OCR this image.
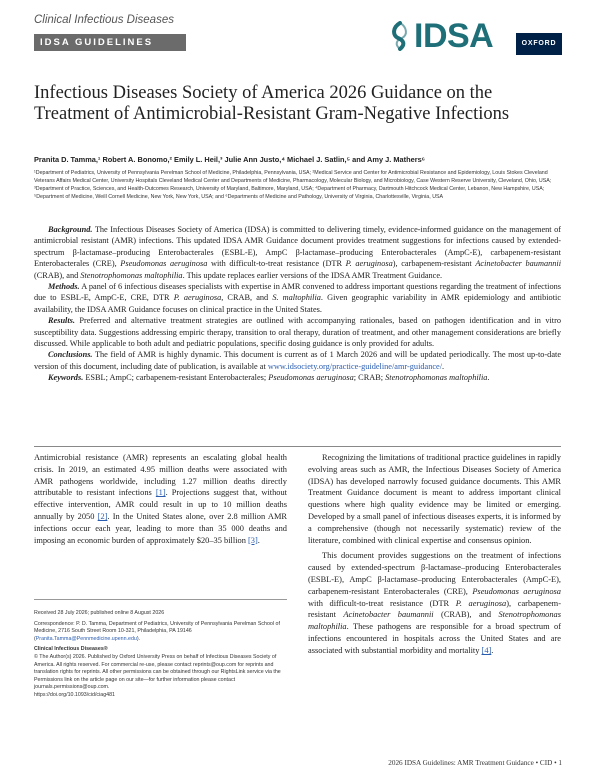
Clinical Infectious Diseases
IDSA GUIDELINES	IDSA	OXFORD
Infectious Diseases Society of America 2026 Guidance on the Treatment of Antimicrobial-Resistant Gram-Negative Infections
Pranita D. Tamma,¹ Robert A. Bonomo,² Emily L. Heil,³ Julie Ann Justo,⁴ Michael J. Satlin,⁵ and Amy J. Mathers⁶
¹Department of Pediatrics, University of Pennsylvania Perelman School of Medicine, Philadelphia, Pennsylvania, USA; ²Medical Service and Center for Antimicrobial Resistance and Epidemiology, Louis Stokes Cleveland Veterans Affairs Medical Center, University Hospitals Cleveland Medical Center and Departments of Medicine, Pharmacology, Molecular Biology, and Microbiology, Case Western Reserve University, Cleveland, Ohio, USA; ³Department of Practice, Sciences, and Health-Outcomes Research, University of Maryland, Baltimore, Maryland, USA; ⁴Department of Pharmacy, Dartmouth Hitchcock Medical Center, Lebanon, New Hampshire, USA; ⁵Department of Medicine, Weill Cornell Medicine, New York, New York, USA; and ⁶Departments of Medicine and Pathology, University of Virginia, Charlottesville, Virginia, USA

Background. The Infectious Diseases Society of America (IDSA) is committed to delivering timely, evidence-informed guidance on the management of antimicrobial resistant (AMR) infections. This updated IDSA AMR Guidance document provides treatment suggestions for infections caused by extended-spectrum β-lactamase–producing Enterobacterales (ESBL-E), AmpC β-lactamase–producing Enterobacterales (AmpC-E), carbapenem-resistant Enterobacterales (CRE), Pseudomonas aeruginosa with difficult-to-treat resistance (DTR P. aeruginosa), carbapenem-resistant Acinetobacter baumannii (CRAB), and Stenotrophomonas maltophilia. This update replaces earlier versions of the IDSA AMR Treatment Guidance.

Methods. A panel of 6 infectious diseases specialists with expertise in AMR convened to address important questions regarding the treatment of infections due to ESBL-E, AmpC-E, CRE, DTR P. aeruginosa, CRAB, and S. maltophilia. Given geographic variability in AMR epidemiology and antibiotic availability, the IDSA AMR Guidance focuses on clinical practice in the United States.

Results. Preferred and alternative treatment strategies are outlined with accompanying rationales, based on pathogen identification and in vitro susceptibility data. Suggestions addressing empiric therapy, transition to oral therapy, duration of treatment, and other management considerations are briefly discussed. While applicable to both adult and pediatric populations, specific dosing guidance is only provided for adults.

Conclusions. The field of AMR is highly dynamic. This document is current as of 1 March 2026 and will be updated periodically. The most up-to-date version of this document, including date of publication, is available at www.idsociety.org/practice-guideline/amr-guidance/.

Keywords. ESBL; AmpC; carbapenem-resistant Enterobacterales; Pseudomonas aeruginosa; CRAB; Stenotrophomonas maltophilia.

Antimicrobial resistance (AMR) represents an escalating global health crisis. In 2019, an estimated 4.95 million deaths were associated with AMR pathogens worldwide, including 1.27 million deaths directly attributable to resistant infections [1]. Projections suggest that, without effective intervention, AMR could result in up to 10 million deaths annually by 2050 [2]. In the United States alone, over 2.8 million AMR infections occur each year, leading to more than 35 000 deaths and imposing an economic burden of approximately $20–35 billion [3].

Received 28 July 2026; published online 8 August 2026
Correspondence: P. D. Tamma, Department of Pediatrics, University of Pennsylvania Perelman School of Medicine, 2716 South Street Room 10-321, Philadelphia, PA 19146 (Pranita.Tamma@Pennmedicine.upenn.edu).
Clinical Infectious Diseases®
© The Author(s) 2026. Published by Oxford University Press on behalf of Infectious Diseases Society of America. All rights reserved. For commercial re-use, please contact reprints@oup.com for reprints and translation rights for reprints. All other permissions can be obtained through our RightsLink service via the Permissions link on the article page on our site—for further information please contact journals.permissions@oup.com.
https://doi.org/10.1093/cid/ciag481

Recognizing the limitations of traditional practice guidelines in rapidly evolving areas such as AMR, the Infectious Diseases Society of America (IDSA) has developed narrowly focused guidance documents. This AMR Treatment Guidance document is meant to address important clinical questions where high quality evidence may be limited or emerging. Developed by a small panel of infectious diseases experts, it is informed by a comprehensive (though not necessarily systematic) review of the literature, combined with clinical expertise and consensus opinion.

This document provides suggestions on the treatment of infections caused by extended-spectrum β-lactamase–producing Enterobacterales (ESBL-E), AmpC β-lactamase–producing Enterobacterales (AmpC-E), carbapenem-resistant Enterobacterales (CRE), Pseudomonas aeruginosa with difficult-to-treat resistance (DTR P. aeruginosa), carbapenem-resistant Acinetobacter baumannii (CRAB), and Stenotrophomonas maltophilia. These pathogens are responsible for a broad spectrum of infections encountered in hospitals across the United States and are associated with substantial morbidity and mortality [4].

2026 IDSA Guidelines: AMR Treatment Guidance • CID • 1
